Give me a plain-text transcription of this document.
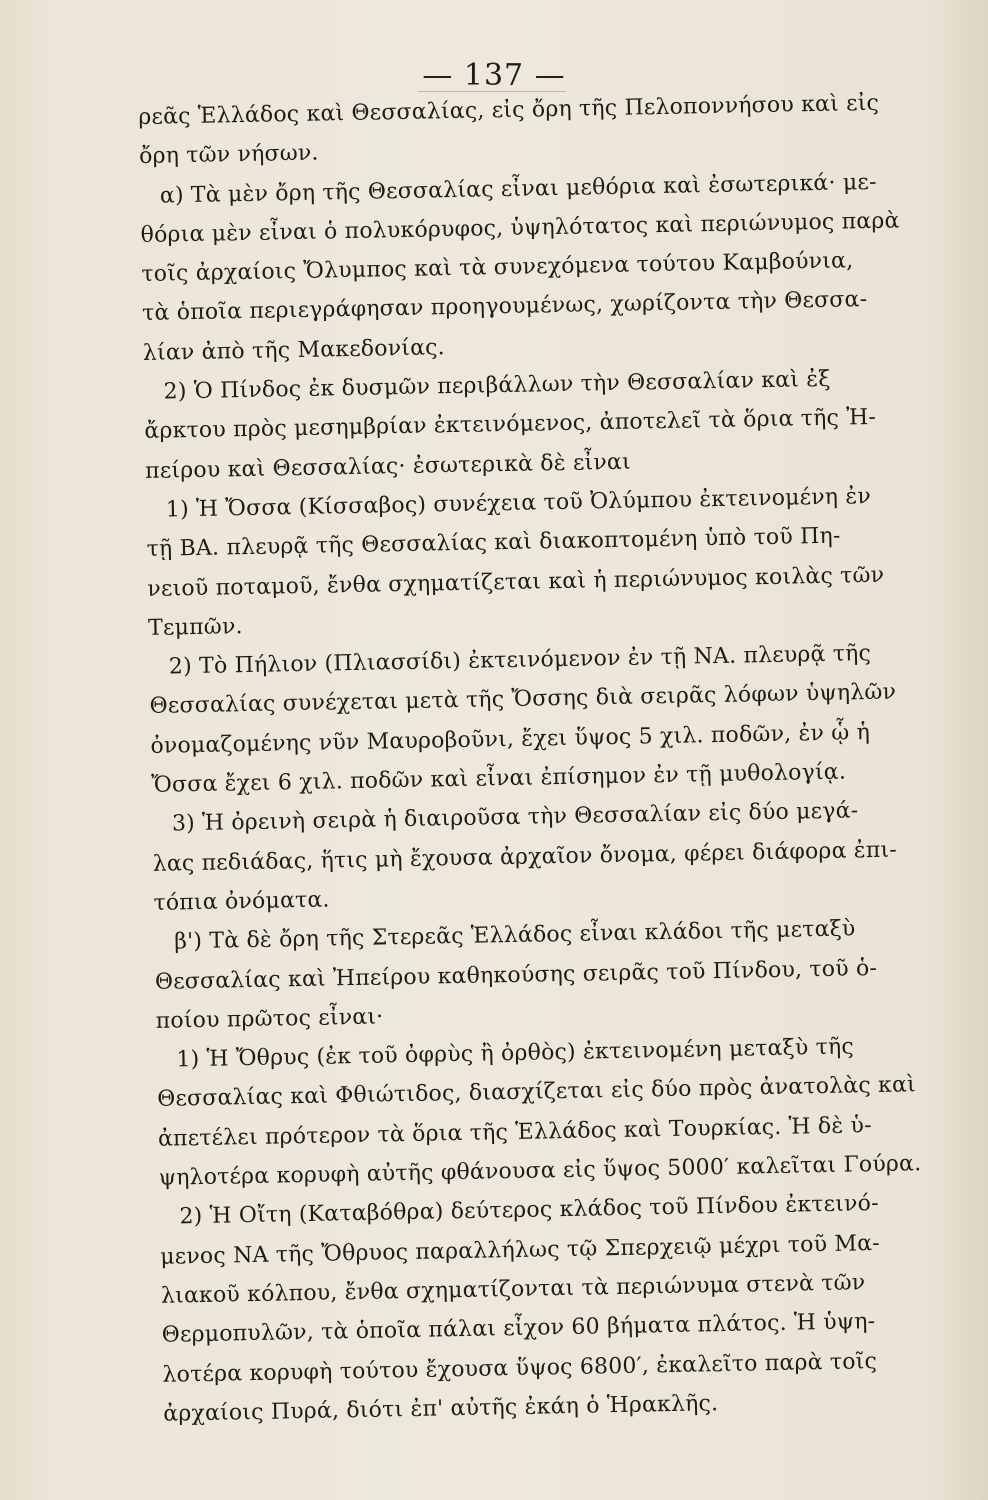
— 137 —
ρεᾶς Ἑλλάδος καὶ Θεσσαλίας, εἰς ὄρη τῆς Πελοποννήσου καὶ εἰς
ὄρη τῶν νήσων.
α) Τὰ μὲν ὄρη τῆς Θεσσαλίας εἶναι μεθόρια καὶ ἐσωτερικά· με-
θόρια μὲν εἶναι ὁ πολυκόρυφος, ὑψηλότατος καὶ περιώνυμος παρὰ
τοῖς ἀρχαίοις Ὄλυμπος καὶ τὰ συνεχόμενα τούτου Καμβούνια,
τὰ ὁποῖα περιεγράφησαν προηγουμένως, χωρίζοντα τὴν Θεσσα-
λίαν ἀπὸ τῆς Μακεδονίας.
2) Ὁ Πίνδος ἐκ δυσμῶν περιβάλλων τὴν Θεσσαλίαν καὶ ἐξ
ἄρκτου πρὸς μεσημβρίαν ἐκτεινόμενος, ἀποτελεῖ τὰ ὅρια τῆς Ἠ-
πείρου καὶ Θεσσαλίας· ἐσωτερικὰ δὲ εἶναι
1) Ἡ Ὄσσα (Κίσσαβος) συνέχεια τοῦ Ὀλύμπου ἐκτεινομένη ἐν
τῇ ΒΑ. πλευρᾷ τῆς Θεσσαλίας καὶ διακοπτομένη ὑπὸ τοῦ Πη-
νειοῦ ποταμοῦ, ἔνθα σχηματίζεται καὶ ἡ περιώνυμος κοιλὰς τῶν
Τεμπῶν.
2) Τὸ Πήλιον (Πλιασσίδι) ἐκτεινόμενον ἐν τῇ ΝΑ. πλευρᾷ τῆς
Θεσσαλίας συνέχεται μετὰ τῆς Ὄσσης διὰ σειρᾶς λόφων ὑψηλῶν
ὀνομαζομένης νῦν Μαυροβοῦνι, ἔχει ὕψος 5 χιλ. ποδῶν, ἐν ᾧ ἡ
Ὄσσα ἔχει 6 χιλ. ποδῶν καὶ εἶναι ἐπίσημον ἐν τῇ μυθολογίᾳ.
3) Ἡ ὀρεινὴ σειρὰ ἡ διαιροῦσα τὴν Θεσσαλίαν εἰς δύο μεγά-
λας πεδιάδας, ἥτις μὴ ἔχουσα ἀρχαῖον ὄνομα, φέρει διάφορα ἐπι-
τόπια ὀνόματα.
β') Τὰ δὲ ὄρη τῆς Στερεᾶς Ἑλλάδος εἶναι κλάδοι τῆς μεταξὺ
Θεσσαλίας καὶ Ἠπείρου καθηκούσης σειρᾶς τοῦ Πίνδου, τοῦ ὁ-
ποίου πρῶτος εἶναι·
1) Ἡ Ὄθρυς (ἐκ τοῦ ὀφρὺς ἢ ὀρθὸς) ἐκτεινομένη μεταξὺ τῆς
Θεσσαλίας καὶ Φθιώτιδος, διασχίζεται εἰς δύο πρὸς ἀνατολὰς καὶ
ἀπετέλει πρότερον τὰ ὅρια τῆς Ἑλλάδος καὶ Τουρκίας. Ἡ δὲ ὑ-
ψηλοτέρα κορυφὴ αὐτῆς φθάνουσα εἰς ὕψος 5000′ καλεῖται Γούρα.
2) Ἡ Οἴτη (Καταβόθρα) δεύτερος κλάδος τοῦ Πίνδου ἐκτεινό-
μενος ΝΑ τῆς Ὄθρυος παραλλήλως τῷ Σπερχειῷ μέχρι τοῦ Μα-
λιακοῦ κόλπου, ἔνθα σχηματίζονται τὰ περιώνυμα στενὰ τῶν
Θερμοπυλῶν, τὰ ὁποῖα πάλαι εἶχον 60 βήματα πλάτος. Ἡ ὑψη-
λοτέρα κορυφὴ τούτου ἔχουσα ὕψος 6800′, ἐκαλεῖτο παρὰ τοῖς
ἀρχαίοις Πυρά, διότι ἐπ' αὐτῆς ἐκάη ὁ Ἡρακλῆς.
